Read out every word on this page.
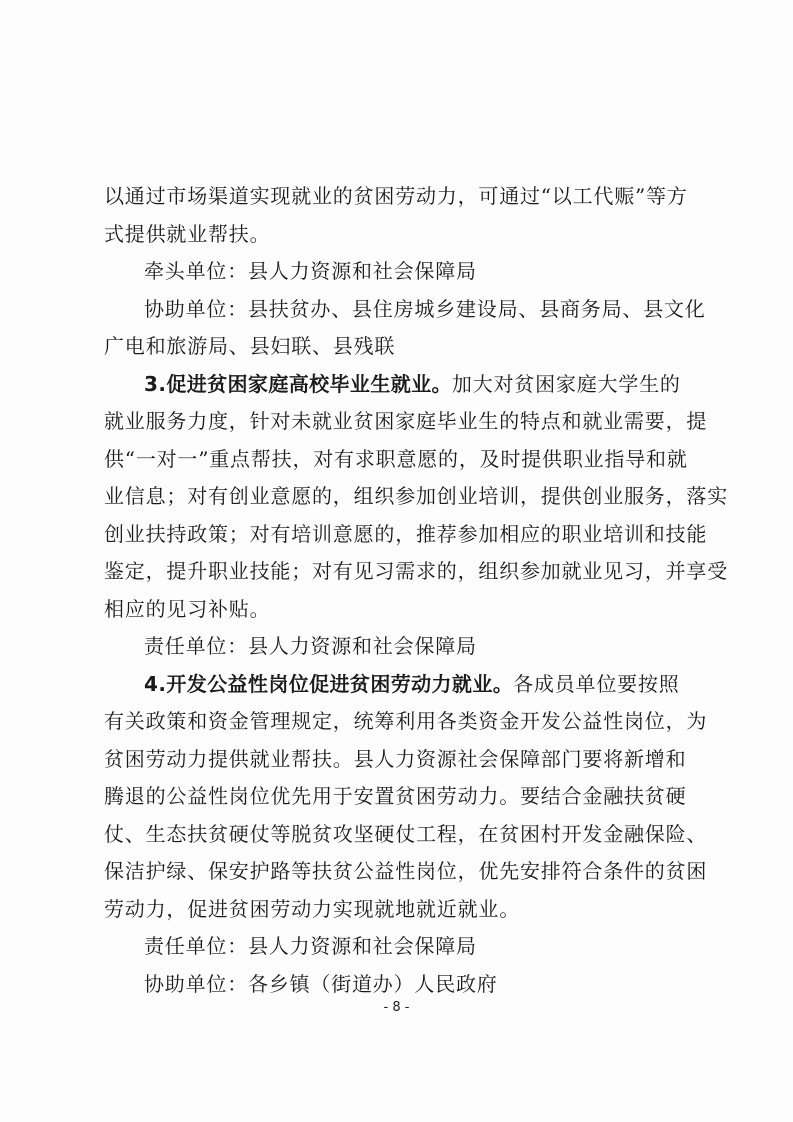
以通过市场渠道实现就业的贫困劳动力，可通过“以工代赈”等方
式提供就业帮扶。
牵头单位：县人力资源和社会保障局
协助单位：县扶贫办、县住房城乡建设局、县商务局、县文化
广电和旅游局、县妇联、县残联
3.促进贫困家庭高校毕业生就业。加大对贫困家庭大学生的
就业服务力度，针对未就业贫困家庭毕业生的特点和就业需要，提
供“一对一”重点帮扶，对有求职意愿的，及时提供职业指导和就
业信息；对有创业意愿的，组织参加创业培训，提供创业服务，落实
创业扶持政策；对有培训意愿的，推荐参加相应的职业培训和技能
鉴定，提升职业技能；对有见习需求的，组织参加就业见习，并享受
相应的见习补贴。
责任单位：县人力资源和社会保障局
4.开发公益性岗位促进贫困劳动力就业。各成员单位要按照
有关政策和资金管理规定，统筹利用各类资金开发公益性岗位，为
贫困劳动力提供就业帮扶。县人力资源社会保障部门要将新增和
腾退的公益性岗位优先用于安置贫困劳动力。要结合金融扶贫硬
仗、生态扶贫硬仗等脱贫攻坚硬仗工程，在贫困村开发金融保险、
保洁护绿、保安护路等扶贫公益性岗位，优先安排符合条件的贫困
劳动力，促进贫困劳动力实现就地就近就业。
责任单位：县人力资源和社会保障局
协助单位：各乡镇（街道办）人民政府
- 8 -
